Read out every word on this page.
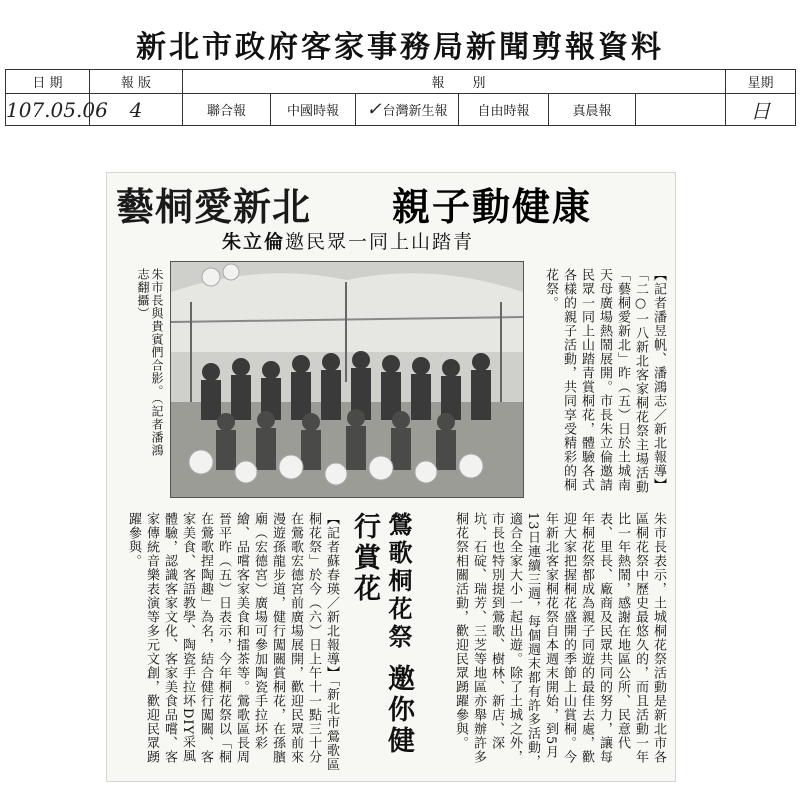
新北市政府客家事務局新聞剪報資料
日 期	報 版	報			別			星期
107.05.06	4	聯合報	中國時報	✓台灣新生報	自由時報	真晨報		日
藝桐愛新北 親子動健康
朱立倫邀民眾一同上山踏青
朱市長與貴賓們合影。（記者潘鴻志翻攝）	【記者潘昱帆、潘鴻志／新北報導】「二○一八新北客家桐花祭主場活動「藝桐愛新北」昨（五）日於土城南天母廣場熱鬧展開。市長朱立倫邀請民眾一同上山踏青賞桐花，體驗各式各樣的親子活動，共同享受精彩的桐花祭。
朱市長表示，土城桐花祭活動是新北市各區桐花祭中歷史最悠久的，而且活動一年比一年熱鬧，感謝在地區公所、民意代表、里長、廠商及民眾共同的努力，讓每年桐花祭都成為親子同遊的最佳去處，歡迎大家把握桐花盛開的季節上山賞桐。今年新北客家桐花祭自本週末開始，到5月13日連續三週，每個週末都有許多活動，適合全家大小一起出遊。除了土城之外，市長也特別提到鶯歌、樹林、新店、深坑、石碇、瑞芳、三芝等地區亦舉辦許多桐花祭相關活動，歡迎民眾踴躍參與。
鶯歌桐花祭 邀你健行賞花
【記者蘇春瑛／新北報導】「新北市鶯歌區桐花祭」於今（六）日上午十一點三十分在鶯歌宏德宮前廣場展開，歡迎民眾前來漫遊孫龍步道，健行闖關賞桐花，在孫臏廟（宏德宮）廣場可參加陶瓷手拉坏彩繪、品嚐客家美食和擂茶等。鶯歌區長周晉平昨（五）日表示，今年桐花祭以「桐在鶯歌捏陶趣」為名，結合健行闖關、客家美食、客語教學、陶瓷手拉坏DIY采風體驗，認識客家文化、客家美食品嚐、客家傳統音樂表演等多元文創，歡迎民眾踴躍參與。
